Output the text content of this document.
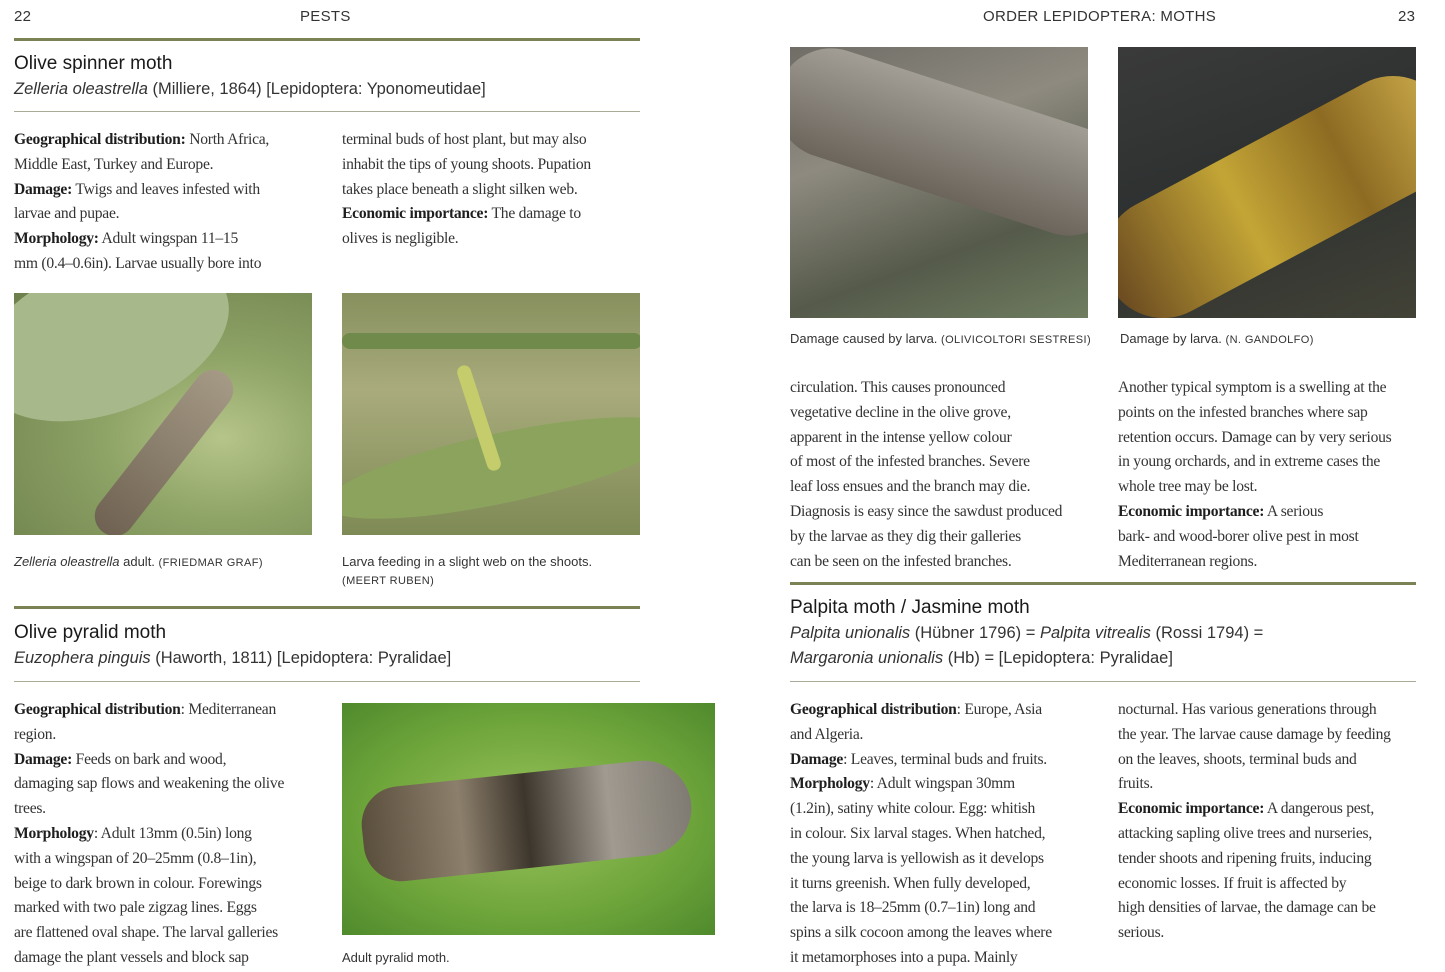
22	PESTS
Olive spinner moth
Zelleria oleastrella (Milliere, 1864) [Lepidoptera: Yponomeutidae]
Geographical distribution: North Africa,
Middle East, Turkey and Europe.
Damage: Twigs and leaves infested with
larvae and pupae.
Morphology: Adult wingspan 11–15
mm (0.4–0.6in). Larvae usually bore into
terminal buds of host plant, but may also
inhabit the tips of young shoots. Pupation
takes place beneath a slight silken web.
Economic importance: The damage to
olives is negligible.
Zelleria oleastrella adult. (FRIEDMAR GRAF)	Larva feeding in a slight web on the shoots.
(MEERT RUBEN)
Olive pyralid moth
Euzophera pinguis (Haworth, 1811) [Lepidoptera: Pyralidae]
Geographical distribution: Mediterranean
region.
Damage: Feeds on bark and wood,
damaging sap flows and weakening the olive
trees.
Morphology: Adult 13mm (0.5in) long
with a wingspan of 20–25mm (0.8–1in),
beige to dark brown in colour. Forewings
marked with two pale zigzag lines. Eggs
are flattened oval shape. The larval galleries
damage the plant vessels and block sap	Adult pyralid moth.
ORDER LEPIDOPTERA: MOTHS	23
Damage caused by larva. (OLIVICOLTORI SESTRESI) Damage by larva. (N. GANDOLFO)
circulation. This causes pronounced
vegetative decline in the olive grove,
apparent in the intense yellow colour
of most of the infested branches. Severe
leaf loss ensues and the branch may die.
Diagnosis is easy since the sawdust produced
by the larvae as they dig their galleries
can be seen on the infested branches.
Another typical symptom is a swelling at the
points on the infested branches where sap
retention occurs. Damage can by very serious
in young orchards, and in extreme cases the
whole tree may be lost.
Economic importance: A serious
bark- and wood-borer olive pest in most
Mediterranean regions.
Palpita moth / Jasmine moth
Palpita unionalis (Hübner 1796) = Palpita vitrealis (Rossi 1794) =
Margaronia unionalis (Hb) = [Lepidoptera: Pyralidae]
Geographical distribution: Europe, Asia
and Algeria.
Damage: Leaves, terminal buds and fruits.
Morphology: Adult wingspan 30mm
(1.2in), satiny white colour. Egg: whitish
in colour. Six larval stages. When hatched,
the young larva is yellowish as it develops
it turns greenish. When fully developed,
the larva is 18–25mm (0.7–1in) long and
spins a silk cocoon among the leaves where
it metamorphoses into a pupa. Mainly
nocturnal. Has various generations through
the year. The larvae cause damage by feeding
on the leaves, shoots, terminal buds and
fruits.
Economic importance: A dangerous pest,
attacking sapling olive trees and nurseries,
tender shoots and ripening fruits, inducing
economic losses. If fruit is affected by
high densities of larvae, the damage can be
serious.
